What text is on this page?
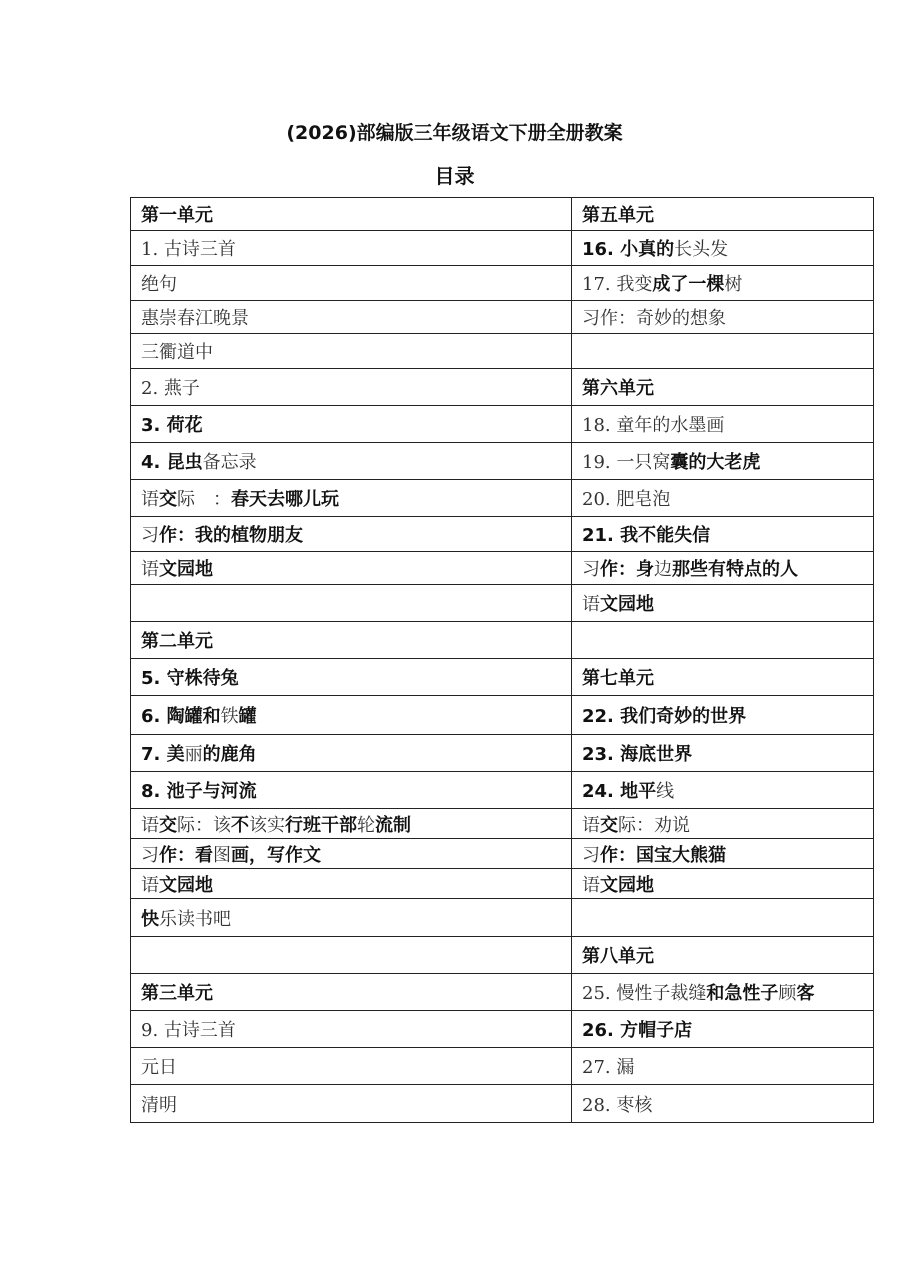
(2026)部编版三年级语文下册全册教案
目录
第一单元	第五单元
1. 古诗三首	16. 小真的长头发
绝句	17. 我变成了一棵树
惠崇春江晚景	习作：奇妙的想象
三衢道中	
2. 燕子	第六单元
3. 荷花	18. 童年的水墨画
4. 昆虫备忘录	19. 一只窝囊的大老虎
语交际　：春天去哪儿玩	20. 肥皂泡
习作：我的植物朋友	21. 我不能失信
语文园地	习作：身边那些有特点的人
	语文园地
第二单元	
5. 守株待兔	第七单元
6. 陶罐和铁罐	22. 我们奇妙的世界
7. 美丽的鹿角	23. 海底世界
8. 池子与河流	24. 地平线
语交际：该不该实行班干部轮流制	语交际：劝说
习作：看图画，写作文	习作：国宝大熊猫
语文园地	语文园地
快乐读书吧	
	第八单元
第三单元	25. 慢性子裁缝和急性子顾客
9. 古诗三首	26. 方帽子店
元日	27. 漏
清明	28. 枣核
